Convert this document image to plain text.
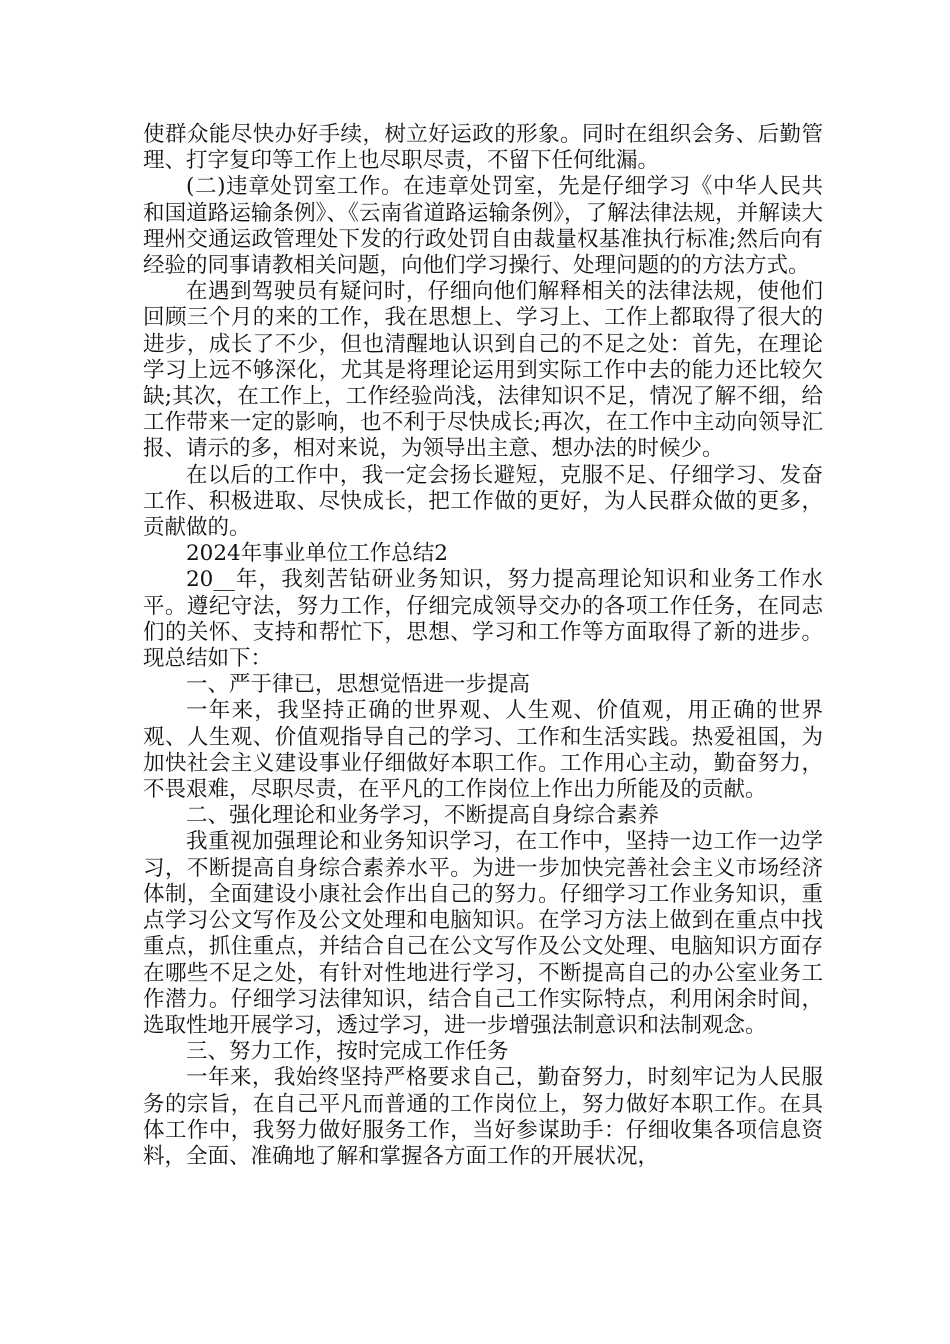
使群众能尽快办好手续，树立好运政的形象。同时在组织会务、后勤管理、打字复印等工作上也尽职尽责，不留下任何纰漏。

(二)违章处罚室工作。在违章处罚室，先是仔细学习《中华人民共和国道路运输条例》、《云南省道路运输条例》，了解法律法规，并解读大理州交通运政管理处下发的行政处罚自由裁量权基准执行标准;然后向有经验的同事请教相关问题，向他们学习操行、处理问题的的方法方式。

在遇到驾驶员有疑问时，仔细向他们解释相关的法律法规，使他们回顾三个月的来的工作，我在思想上、学习上、工作上都取得了很大的进步，成长了不少，但也清醒地认识到自己的不足之处：首先，在理论学习上远不够深化，尤其是将理论运用到实际工作中去的能力还比较欠缺;其次，在工作上，工作经验尚浅，法律知识不足，情况了解不细，给工作带来一定的影响，也不利于尽快成长;再次，在工作中主动向领导汇报、请示的多，相对来说，为领导出主意、想办法的时候少。

在以后的工作中，我一定会扬长避短，克服不足、仔细学习、发奋工作、积极进取、尽快成长，把工作做的更好，为人民群众做的更多，贡献做的。

2024年事业单位工作总结2

20__年，我刻苦钻研业务知识，努力提高理论知识和业务工作水平。遵纪守法，努力工作，仔细完成领导交办的各项工作任务，在同志们的关怀、支持和帮忙下，思想、学习和工作等方面取得了新的进步。现总结如下：

一、严于律已，思想觉悟进一步提高

一年来，我坚持正确的世界观、人生观、价值观，用正确的世界观、人生观、价值观指导自己的学习、工作和生活实践。热爱祖国，为加快社会主义建设事业仔细做好本职工作。工作用心主动，勤奋努力，不畏艰难，尽职尽责，在平凡的工作岗位上作出力所能及的贡献。

二、强化理论和业务学习，不断提高自身综合素养

我重视加强理论和业务知识学习，在工作中，坚持一边工作一边学习，不断提高自身综合素养水平。为进一步加快完善社会主义市场经济体制，全面建设小康社会作出自己的努力。仔细学习工作业务知识，重点学习公文写作及公文处理和电脑知识。在学习方法上做到在重点中找重点，抓住重点，并结合自己在公文写作及公文处理、电脑知识方面存在哪些不足之处，有针对性地进行学习，不断提高自己的办公室业务工作潜力。仔细学习法律知识，结合自己工作实际特点，利用闲余时间，选取性地开展学习，透过学习，进一步增强法制意识和法制观念。

三、努力工作，按时完成工作任务

一年来，我始终坚持严格要求自己，勤奋努力，时刻牢记为人民服务的宗旨，在自己平凡而普通的工作岗位上，努力做好本职工作。在具体工作中，我努力做好服务工作，当好参谋助手：仔细收集各项信息资料，全面、准确地了解和掌握各方面工作的开展状况，
